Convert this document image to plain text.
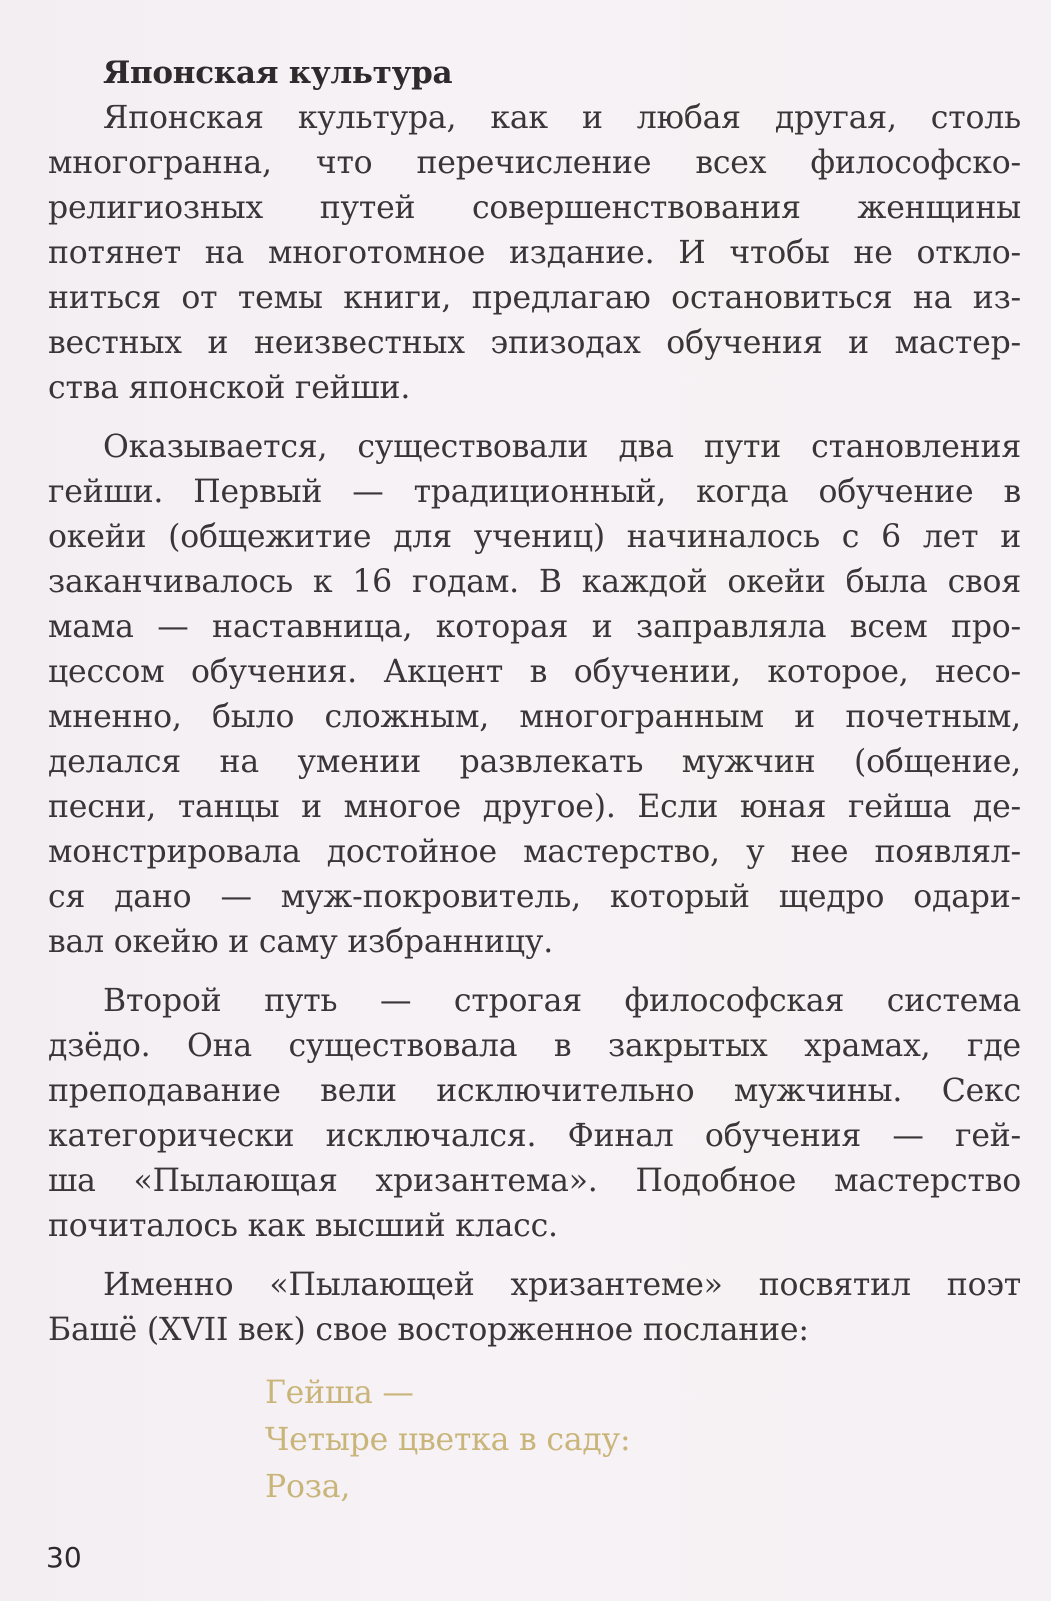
Японская культура

Японская культура, как и любая другая, столь
многогранна, что перечисление всех философско-
религиозных путей совершенствования женщины
потянет на многотомное издание. И чтобы не откло-
ниться от темы книги, предлагаю остановиться на из-
вестных и неизвестных эпизодах обучения и мастер-
ства японской гейши.

Оказывается, существовали два пути становления
гейши. Первый — традиционный, когда обучение в
окейи (общежитие для учениц) начиналось с 6 лет и
заканчивалось к 16 годам. В каждой окейи была своя
мама — наставница, которая и заправляла всем про-
цессом обучения. Акцент в обучении, которое, несо-
мненно, было сложным, многогранным и почетным,
делался на умении развлекать мужчин (общение,
песни, танцы и многое другое). Если юная гейша де-
монстрировала достойное мастерство, у нее появлял-
ся дано — муж-покровитель, который щедро одари-
вал окейю и саму избранницу.

Второй путь — строгая философская система
дзёдо. Она существовала в закрытых храмах, где
преподавание вели исключительно мужчины. Секс
категорически исключался. Финал обучения — гей-
ша «Пылающая хризантема». Подобное мастерство
почиталось как высший класс.

Именно «Пылающей хризантеме» посвятил поэт
Башё (XVII век) свое восторженное послание:

Гейша —
Четыре цветка в саду:
Роза,
30
